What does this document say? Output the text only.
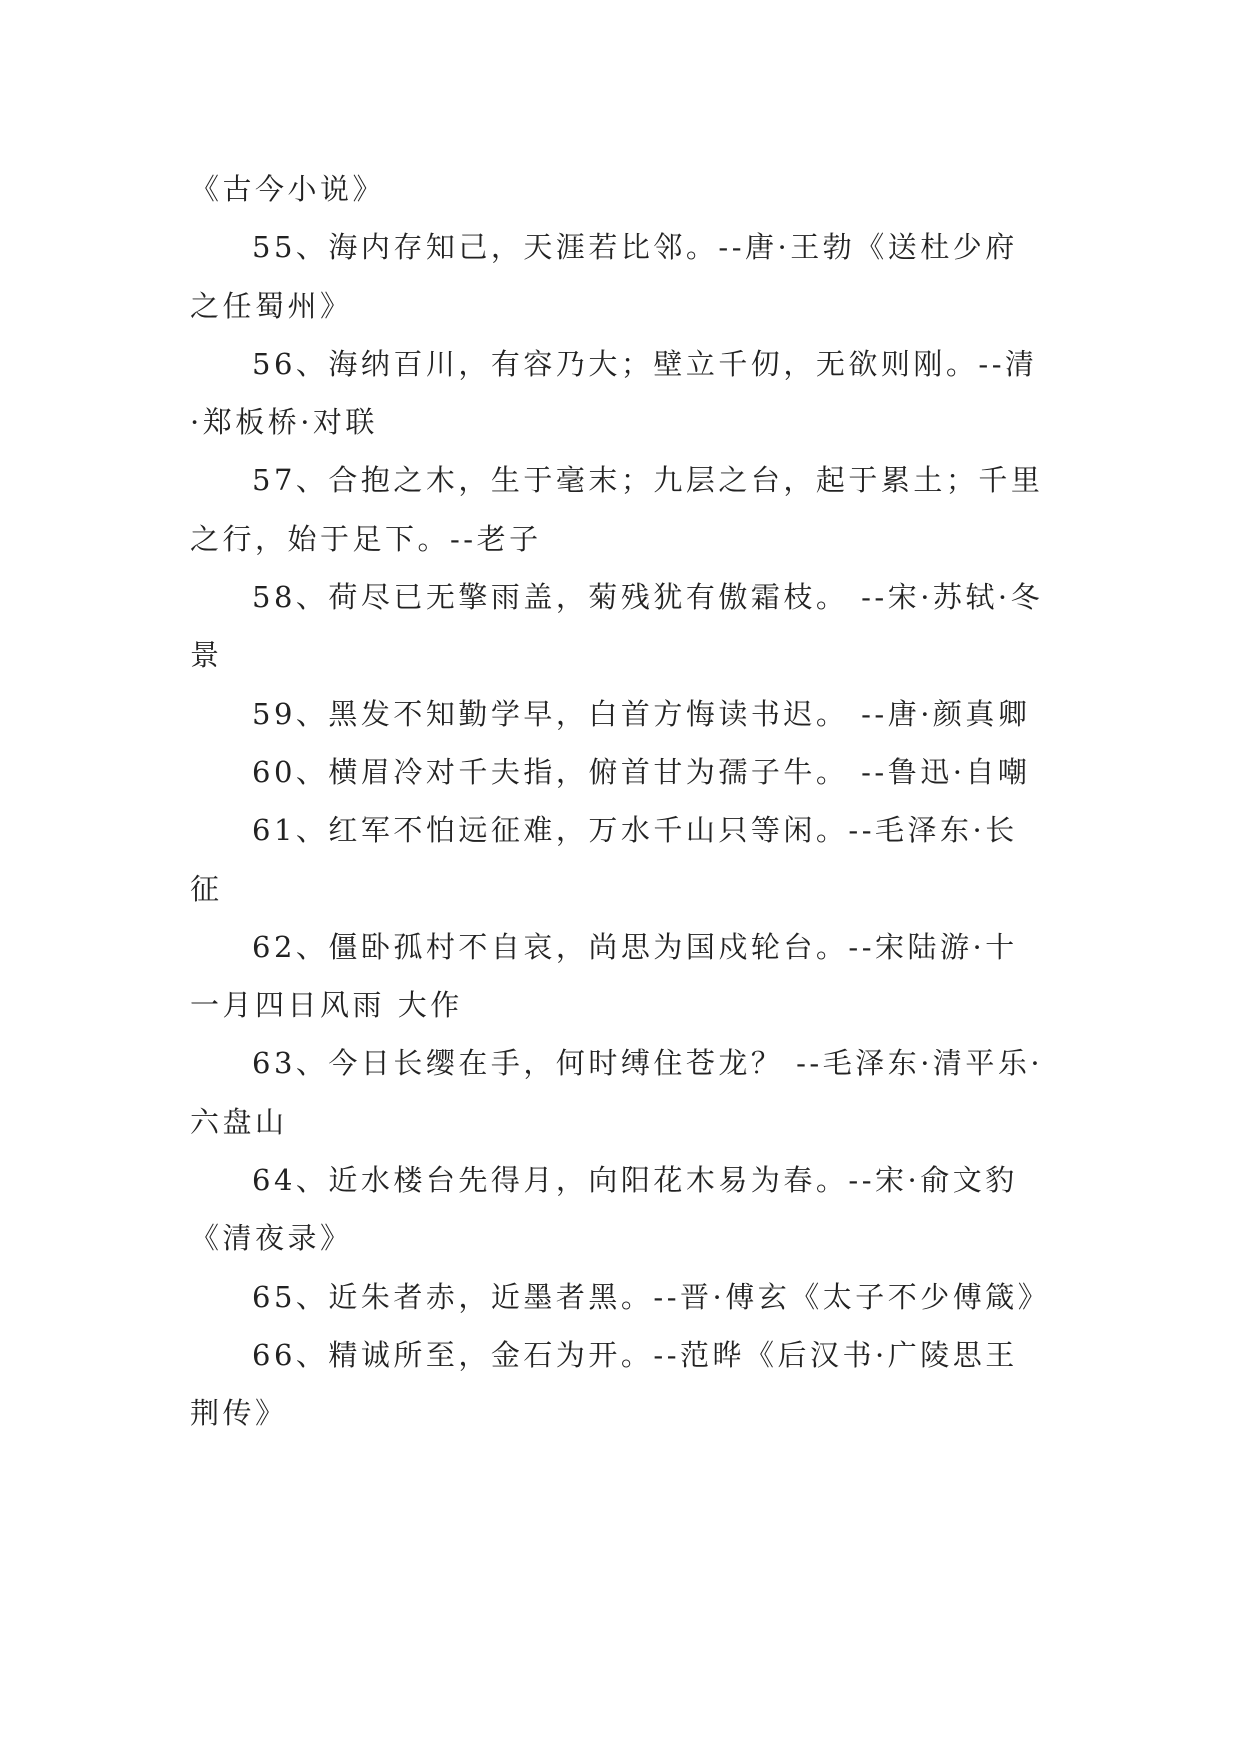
《古今小说》

55、海内存知己，天涯若比邻。--唐·王勃《送杜少府之任蜀州》

56、海纳百川，有容乃大；壁立千仞，无欲则刚。--清·郑板桥·对联

57、合抱之木，生于毫末；九层之台，起于累土；千里之行，始于足下。--老子

58、荷尽已无擎雨盖，菊残犹有傲霜枝。 --宋·苏轼·冬景

59、黑发不知勤学早，白首方悔读书迟。 --唐·颜真卿

60、横眉冷对千夫指，俯首甘为孺子牛。 --鲁迅·自嘲

61、红军不怕远征难，万水千山只等闲。--毛泽东·长征

62、僵卧孤村不自哀，尚思为国戍轮台。--宋陆游·十一月四日风雨 大作

63、今日长缨在手，何时缚住苍龙？ --毛泽东·清平乐·六盘山

64、近水楼台先得月，向阳花木易为春。--宋·俞文豹《清夜录》

65、近朱者赤，近墨者黑。--晋·傅玄《太子不少傅箴》

66、精诚所至，金石为开。--范晔《后汉书·广陵思王荆传》
